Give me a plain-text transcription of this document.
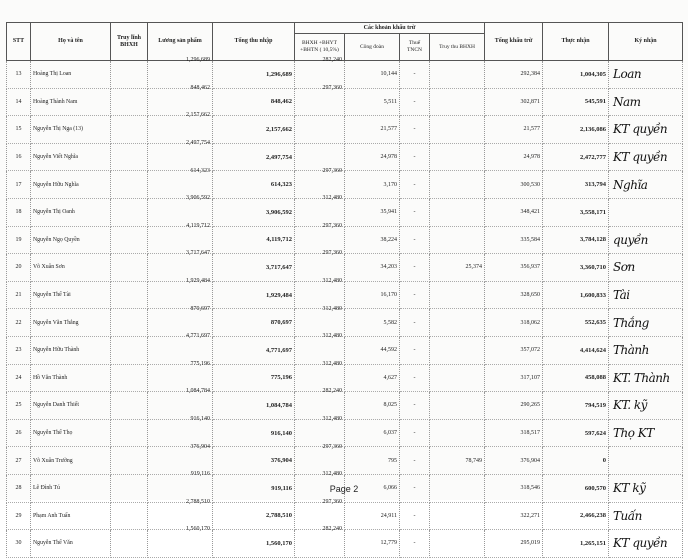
STT	Họ và tên	Truy lĩnh BHXH	Lương sản phẩm	Tổng thu nhập	Các khoản khấu trừ				Tổng khấu trừ	Thực nhận	Ký nhận
					BHXH +BHYT +BHTN ( 10,5%)	Công đoàn	Thuế TNCN	Truy thu BHXH			
13	Hoàng Thị Loan		1,296,689	1,296,689	282,240	10,144	-		292,384	1,004,305	Loan
14	Hoàng Thành Nam		848,462	848,462	297,360	5,511	-		302,871	545,591	Nam
15	Nguyễn Thị Nga (13)		2,157,662	2,157,662		21,577	-		21,577	2,136,086	KT quyền
16	Nguyễn Viết Nghĩa		2,497,754	2,497,754		24,978	-		24,978	2,472,777	KT quyền
17	Nguyễn Hữu Nghĩa		614,323	614,323	297,360	3,170	-		300,530	313,794	Nghĩa
18	Nguyễn Thị Oanh		3,906,592	3,906,592	312,480	35,941	-		348,421	3,558,171	
19	Nguyễn Ngọ Quyền		4,119,712	4,119,712	297,360	38,224	-		335,584	3,784,128	quyền
20	Võ Xuân Sơn		3,717,647	3,717,647	297,360	34,203	-	25,374	356,937	3,360,710	Sơn
21	Nguyễn Thế Tài		1,929,484	1,929,484	312,480	16,170	-		328,650	1,600,833	Tài
22	Nguyễn Văn Thắng		870,697	870,697	312,480	5,582	-		318,062	552,635	Thắng
23	Nguyễn Hữu Thành		4,771,697	4,771,697	312,480	44,592	-		357,072	4,414,624	Thành
24	Hồ Văn Thành		775,196	775,196	312,480	4,627	-		317,107	458,088	KT. Thành
25	Nguyễn Danh Thiết		1,084,784	1,084,784	282,240	8,025	-		290,265	794,519	KT. kỹ
26	Nguyễn Thế Thọ		916,140	916,140	312,480	6,037	-		318,517	597,624	Thọ KT
27	Võ Xuân Trường		376,904	376,904	297,360	795	-	78,749	376,904	0	
28	Lê Đình Tú		919,116	919,116	312,480	6,066	-		318,546	600,570	KT kỹ
29	Phạm Anh Tuấn		2,788,510	2,788,510	297,360	24,911	-		322,271	2,466,238	Tuấn
30	Nguyễn Thế Văn		1,560,170	1,560,170	282,240	12,779	-		295,019	1,265,151	KT quyền
Page 2
